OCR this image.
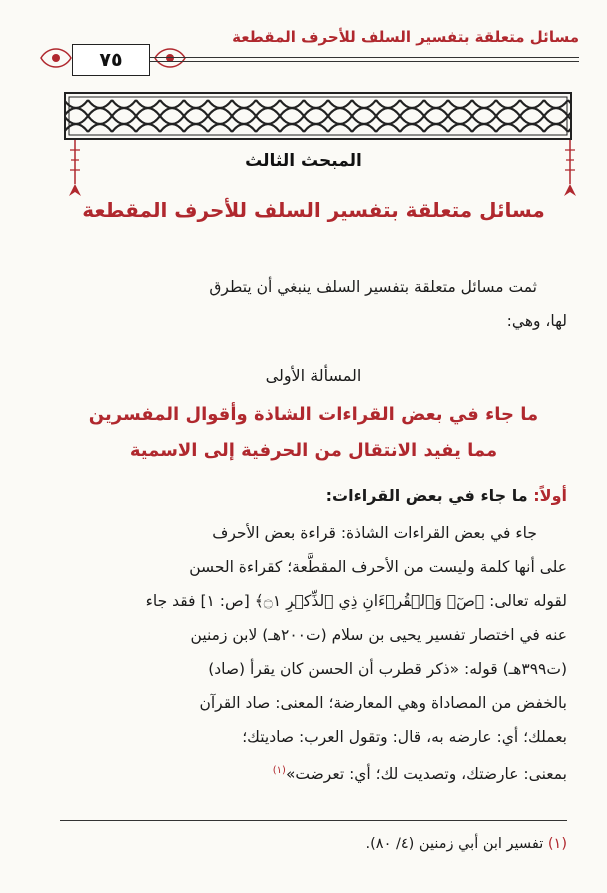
مسائل متعلقة بتفسير السلف للأحرف المقطعة
٧٥
المبحث الثالث
مسائل متعلقة بتفسير السلف للأحرف المقطعة
ثمت مسائل متعلقة بتفسير السلف ينبغي أن يتطرق
لها، وهي:
المسألة الأولى
ما جاء في بعض القراءات الشاذة وأقوال المفسرين
مما يفيد الانتقال من الحرفية إلى الاسمية
أولاً: ما جاء في بعض القراءات:

جاء في بعض القراءات الشاذة: قراءة بعض الأحرف

على أنها كلمة وليست من الأحرف المقطَّعة؛ كقراءة الحسن

لقوله تعالى: ﴿صٓۚ وَٱلۡقُرۡءَانِ ذِي ٱلذِّكۡرِ ۝١﴾ [ص: ١] فقد جاء

عنه في اختصار تفسير يحيى بن سلام (ت٢٠٠هـ) لابن زمنين

(ت٣٩٩هـ) قوله: «ذكر قطرب أن الحسن كان يقرأ (صاد)

بالخفض من المصاداة وهي المعارضة؛ المعنى: صاد القرآن

بعملك؛ أي: عارضه به، قال: وتقول العرب: صاديتك؛

بمعنى: عارضتك، وتصديت لك؛ أي: تعرضت»$^{(١)}$

(١) تفسير ابن أبي زمنين (٤/ ٨٠).
